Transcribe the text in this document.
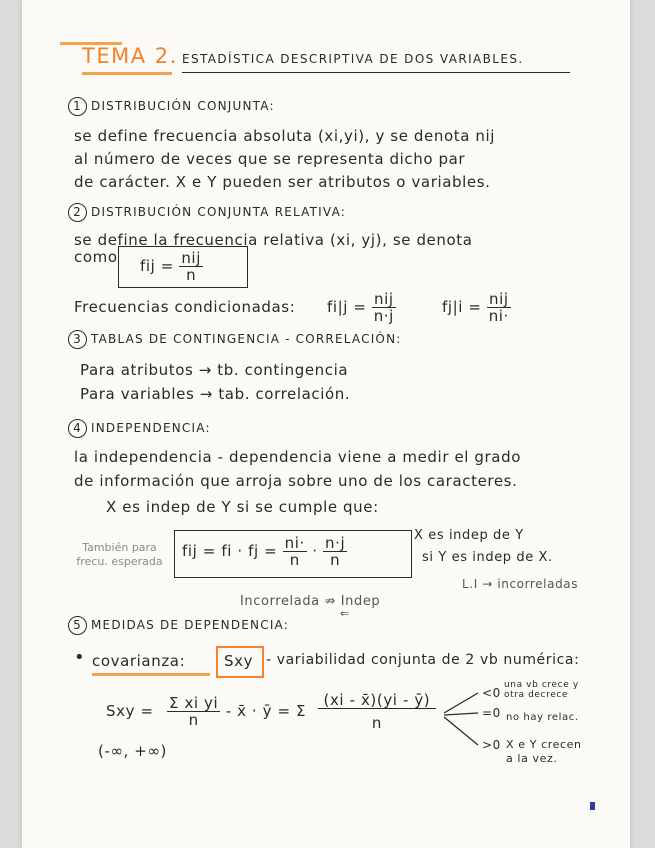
TEMA 2. ESTADÍSTICA DESCRIPTIVA DE DOS VARIABLES.
1 DISTRIBUCIÓN CONJUNTA:
se define frecuencia absoluta (xi,yi), y se denota nij
al número de veces que se representa dicho par
de carácter. X e Y pueden ser atributos o variables.
2 DISTRIBUCIÓN CONJUNTA RELATIVA:
se define la frecuencia relativa (xi, yj), se denota
como fij = $\frac{\text{nij}}{n}$
Frecuencias condicionadas: $fi|j = \frac{\text{nij}}{n\cdot j}$	$fj|i = \frac{\text{nij}}{ni\cdot}$
3 TABLAS DE CONTINGENCIA - CORRELACIÓN:
Para atributos → tb. contingencia
Para variables → tab. correlación.
4 INDEPENDENCIA:
la independencia - dependencia viene a medir el grado
de información que arroja sobre uno de los caracteres.
X es indep de Y si se cumple que:
También para frecu. esperada
fij = fi · fj = $\frac{ni\cdot}{n} \cdot \frac{n\cdot j}{n}$	X es indep de Y
si Y es indep de X.
L.I → incorreladas
Incorrelada ⇏ Indep
⇐
5 MEDIDAS DE DEPENDENCIA:
• covarianza:	Sxy - variabilidad conjunta de 2 vb numérica:
Sxy = $\frac{\text{Σ xi yi}}{n}$ - x̄ · ȳ = Σ $\frac{(xi - x̄)(yi - ȳ)}{n}$	<0
una vb crece y otra decrece
=0 no hay relac.
>0 X e Y crecen a la vez.
(-∞, +∞)
